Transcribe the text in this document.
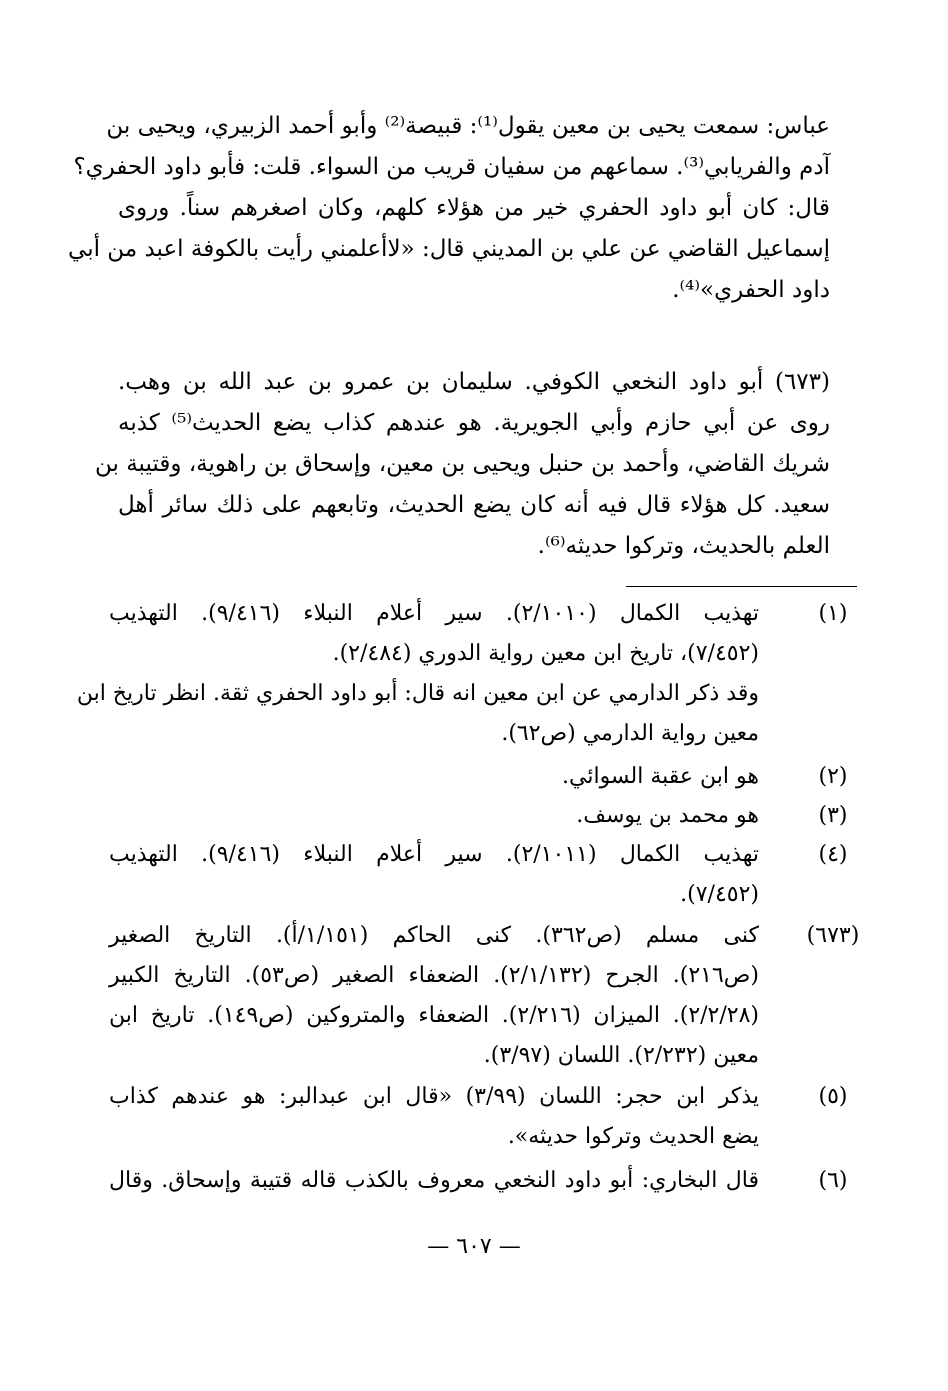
عباس: سمعت يحيى بن معين يقول⁽¹⁾: قبيصة⁽²⁾ وأبو أحمد الزبيري، ويحيى بن
آدم والفريابي⁽³⁾. سماعهم من سفيان قريب من السواء. قلت: فأبو داود الحفري؟
قال: كان أبو داود الحفري خير من هؤلاء كلهم، وكان اصغرهم سناً. وروى
إسماعيل القاضي عن علي بن المديني قال: «لاأعلمني رأيت بالكوفة اعبد من أبي
داود الحفري»⁽⁴⁾.
(٦٧٣) أبو داود النخعي الكوفي. سليمان بن عمرو بن عبد الله بن وهب.
روى عن أبي حازم وأبي الجويرية. هو عندهم كذاب يضع الحديث⁽⁵⁾ كذبه
شريك القاضي، وأحمد بن حنبل ويحيى بن معين، وإسحاق بن راهوية، وقتيبة بن
سعيد. كل هؤلاء قال فيه أنه كان يضع الحديث، وتابعهم على ذلك سائر أهل
العلم بالحديث، وتركوا حديثه⁽⁶⁾.
(١)
تهذيب الكمال (٢/١٠١٠). سير أعلام النبلاء (٩/٤١٦). التهذيب
(٧/٤٥٢)، تاريخ ابن معين رواية الدوري (٢/٤٨٤).
وقد ذكر الدارمي عن ابن معين انه قال: أبو داود الحفري ثقة. انظر تاريخ ابن
معين رواية الدارمي (ص٦٢).
(٢)
هو ابن عقبة السوائي.
(٣)
هو محمد بن يوسف.
(٤)
تهذيب الكمال (٢/١٠١١). سير أعلام النبلاء (٩/٤١٦). التهذيب
(٧/٤٥٢).
(٦٧٣)
كنى مسلم (ص٣٦٢). كنى الحاكم (١/١٥١/أ). التاريخ الصغير
(ص٢١٦). الجرح (٢/١/١٣٢). الضعفاء الصغير (ص٥٣). التاريخ الكبير
(٢/٢/٢٨). الميزان (٢/٢١٦). الضعفاء والمتروكين (ص١٤٩). تاريخ ابن
معين (٢/٢٣٢). اللسان (٣/٩٧).
(٥)
يذكر ابن حجر: اللسان (٣/٩٩) «قال ابن عبدالبر: هو عندهم كذاب
يضع الحديث وتركوا حديثه».
(٦)
قال البخاري: أبو داود النخعي معروف بالكذب قاله قتيبة وإسحاق. وقال
— ٦٠٧ —
